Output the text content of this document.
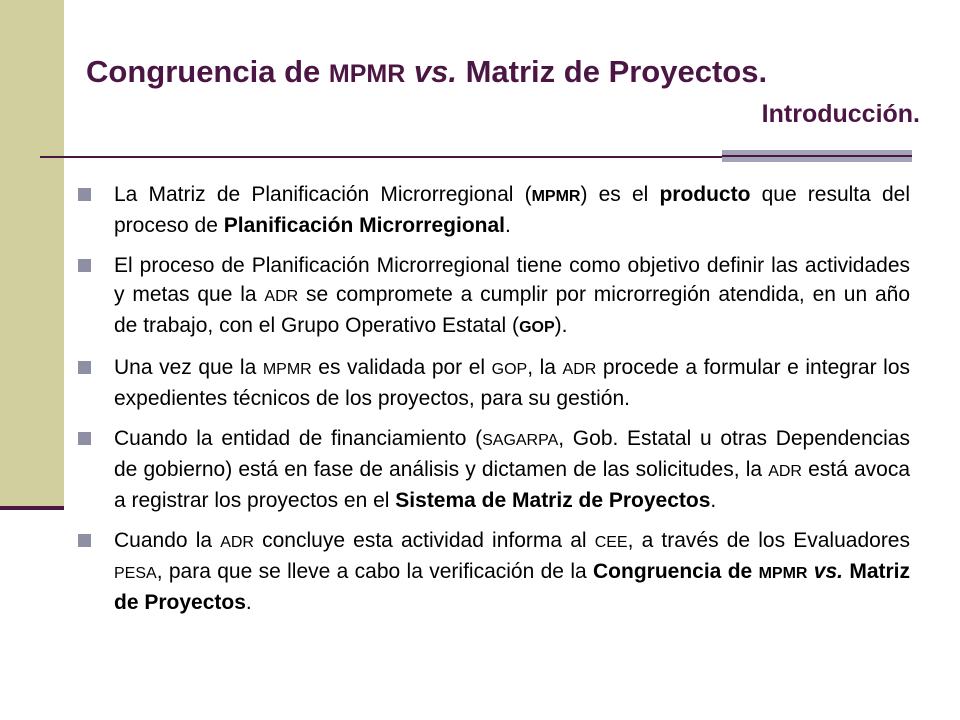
Congruencia de MPMR vs. Matriz de Proyectos.
Introducción.
La Matriz de Planificación Microrregional (MPMR) es el producto que resulta del proceso de Planificación Microrregional.
El proceso de Planificación Microrregional tiene como objetivo definir las actividades y metas que la ADR se compromete a cumplir por microrregión atendida, en un año de trabajo, con el Grupo Operativo Estatal (GOP).
Una vez que la MPMR es validada por el GOP, la ADR procede a formular e integrar los expedientes técnicos de los proyectos, para su gestión.
Cuando la entidad de financiamiento (SAGARPA, Gob. Estatal u otras Dependencias de gobierno) está en fase de análisis y dictamen de las solicitudes, la ADR está avoca a registrar los proyectos en el Sistema de Matriz de Proyectos.
Cuando la ADR concluye esta actividad informa al CEE, a través de los Evaluadores PESA, para que se lleve a cabo la verificación de la Congruencia de MPMR vs. Matriz de Proyectos.
